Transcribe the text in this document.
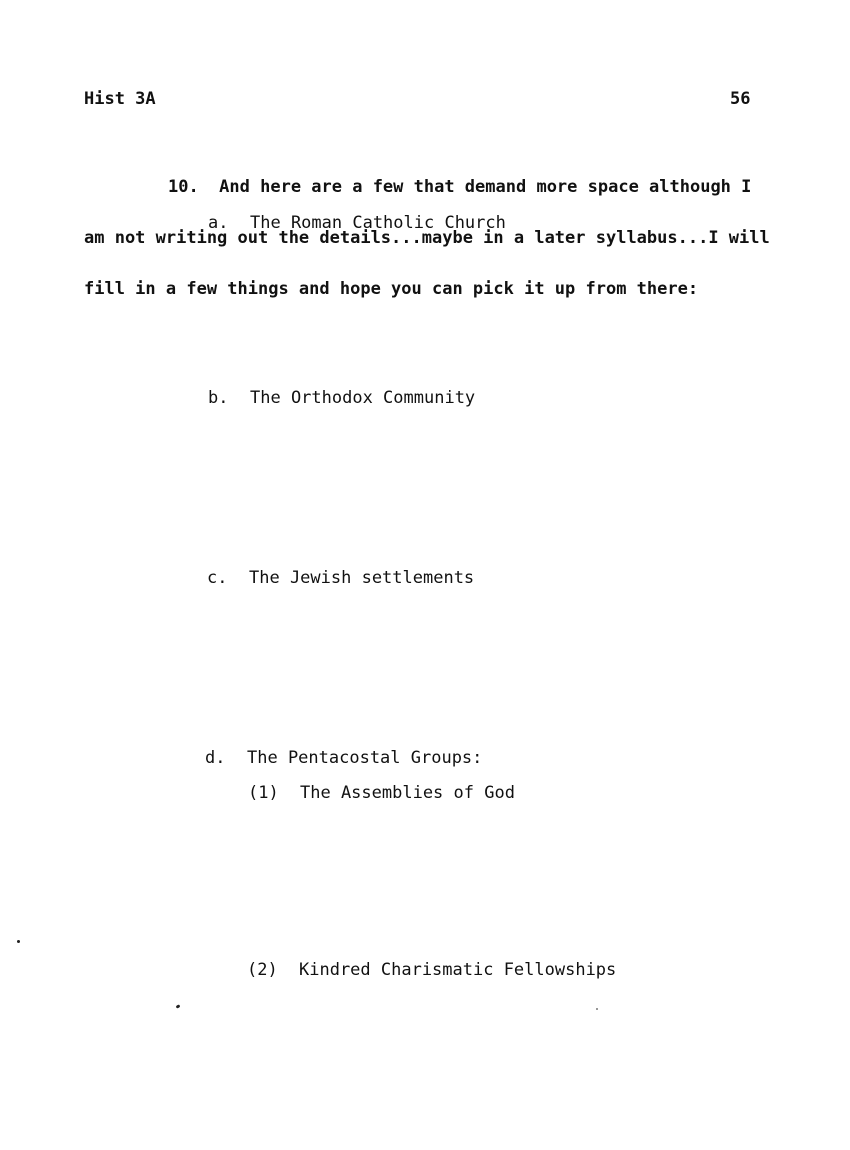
Hist 3A	56

10.  And here are a few that demand more space although I

am not writing out the details...maybe in a later syllabus...I will

fill in a few things and hope you can pick it up from there:

a.

The Roman Catholic Church

b.

The Orthodox Community

c.

The Jewish settlements

d.

The Pentacostal Groups:

(1)

The Assemblies of God

(2)

Kindred Charismatic Fellowships
